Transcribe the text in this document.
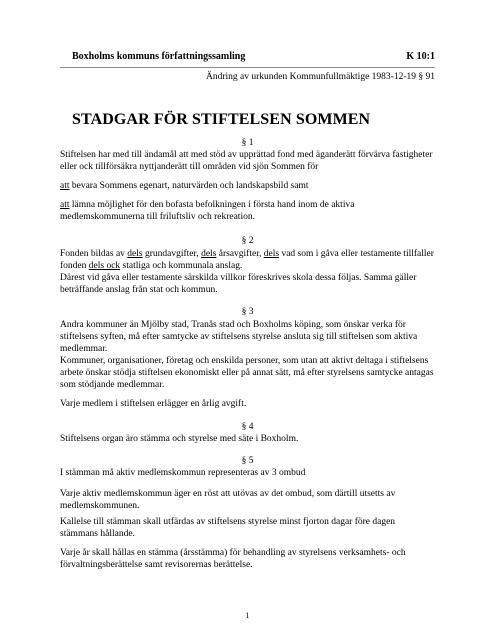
Boxholms kommuns författningssamling	K 10:1
Ändring av urkunden Kommunfullmäktige 1983-12-19 § 91
STADGAR FÖR STIFTELSEN SOMMEN
§ 1
Stiftelsen har med till ändamål att med stöd av upprättad fond med äganderätt förvärva fastigheter eller ock tillförsäkra nyttjanderätt till områden vid sjön Sommen för
att bevara Sommens egenart, naturvärden och landskapsbild samt
att lämna möjlighet för den bofasta befolkningen i första hand inom de aktiva medlemskommunerna till friluftsliv och rekreation.
§ 2
Fonden bildas av dels grundavgifter, dels årsavgifter, dels vad som i gåva eller testamente tillfaller fonden dels ock statliga och kommunala anslag.
Därest vid gåva eller testamente särskilda villkor föreskrives skola dessa följas. Samma gäller beträffande anslag från stat och kommun.
§ 3
Andra kommuner än Mjölby stad, Tranås stad och Boxholms köping, som önskar verka för stiftelsens syften, må efter samtycke av stiftelsens styrelse ansluta sig till stiftelsen som aktiva medlemmar.
Kommuner, organisationer, företag och enskilda personer, som utan att aktivt deltaga i stiftelsens arbete önskar stödja stiftelsen ekonomiskt eller på annat sätt, må efter styrelsens samtycke antagas som stödjande medlemmar.
Varje medlem i stiftelsen erlägger en årlig avgift.
§ 4
Stiftelsens organ äro stämma och styrelse med säte i Boxholm.
§ 5
I stämman må aktiv medlemskommun representeras av 3 ombud
Varje aktiv medlemskommun äger en röst att utövas av det ombud, som därtill utsetts av medlemskommunen.
Kallelse till stämman skall utfärdas av stiftelsens styrelse minst fjorton dagar före dagen stämmans hållande.
Varje år skall hållas en stämma (årsstämma) för behandling av styrelsens verksamhets- och förvaltningsberättelse samt revisorernas berättelse.
1
